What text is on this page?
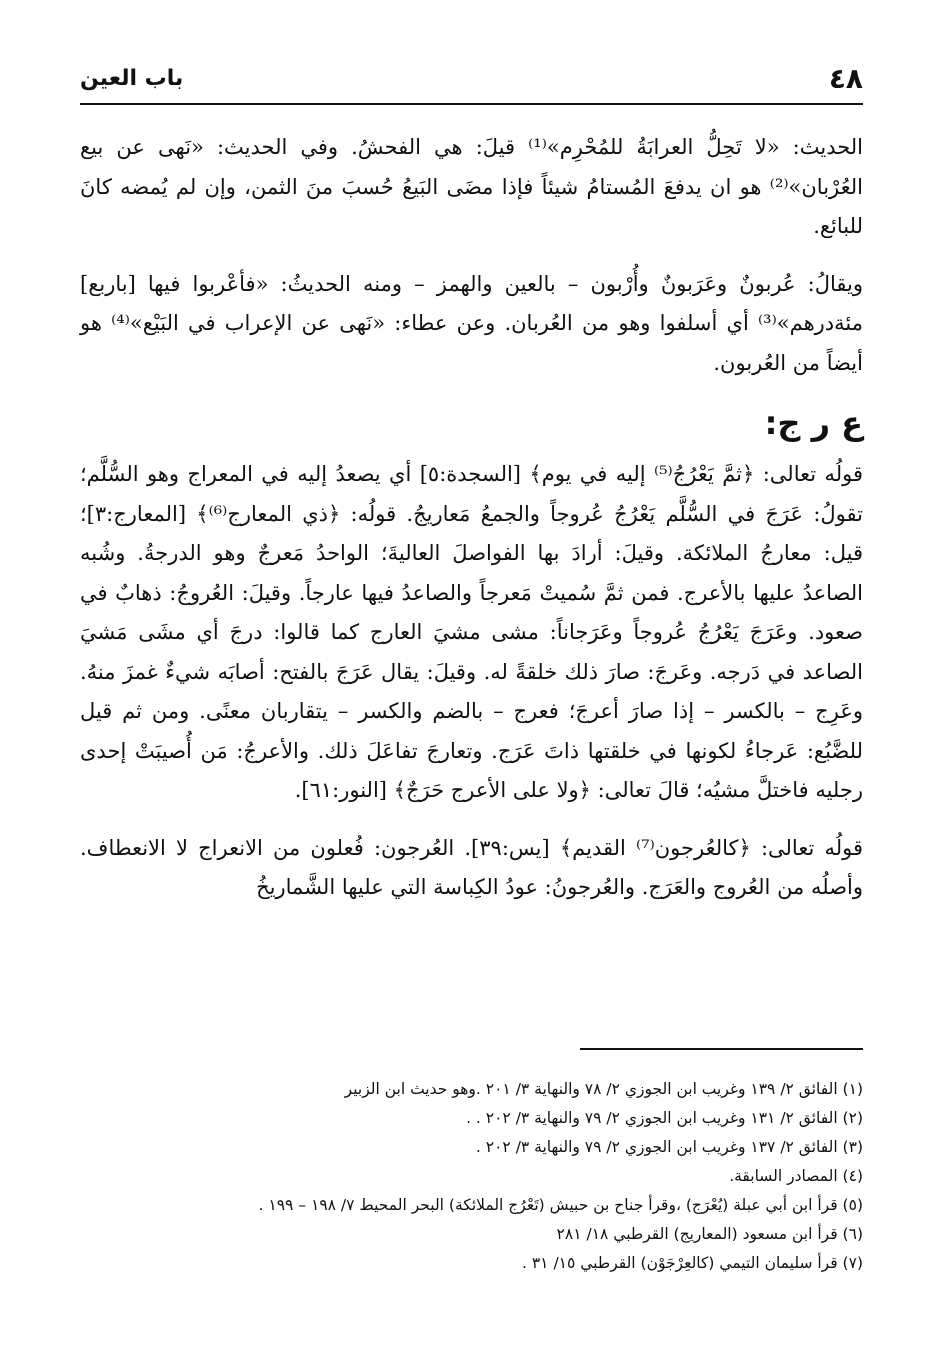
٤٨
باب العين

الحديث: «لا تَحِلُّ العرابَةُ للمُحْرِم»⁽¹⁾ قيلَ: هي الفحشُ. وفي الحديث: «نَهى عن بيع العُرْبان»⁽²⁾ هو ان يدفعَ المُستامُ شيئاً فإذا مضَى البَيعُ حُسبَ منَ الثمن، وإن لم يُمضه كانَ للبائع.

ويقالُ: عُربونٌ وعَرَبونٌ وأُرْبون – بالعين والهمز – ومنه الحديثُ: «فأعْربوا فيها [باربع] مئةدرهم»⁽³⁾ أي أسلفوا وهو من العُربان. وعن عطاء: «نَهى عن الإعراب في البَيْع»⁽⁴⁾ هو أيضاً من العُربون.

ع ر ج:

قولُه تعالى: ﴿ثمَّ يَعْرُجُ⁽⁵⁾ إليه في يوم﴾ [السجدة:٥] أي يصعدُ إليه في المعراج وهو السُّلَّم؛ تقولُ: عَرَجَ في السُّلَّم يَعْرُجُ عُروجاً والجمعُ مَعاريجُ. قولُه: ﴿ذي المعارج⁽⁶⁾﴾ [المعارج:٣]؛ قيل: معارجُ الملائكة. وقيلَ: أرادَ بها الفواصلَ العاليةَ؛ الواحدُ مَعرجٌ وهو الدرجةُ. وشُبه الصاعدُ عليها بالأعرج. فمن ثمَّ سُميتْ مَعرجاً والصاعدُ فيها عارجاً. وقيلَ: العُروجُ: ذهابٌ في صعود. وعَرَجَ يَعْرُجُ عُروجاً وعَرَجاناً: مشى مشيَ العارج كما قالوا: درجَ أي مشَى مَشيَ الصاعد في دَرجه. وعَرجَ: صارَ ذلك خلقةً له. وقيلَ: يقال عَرَجَ بالفتح: أصابَه شيءٌ غمزَ منهُ. وعَرِج – بالكسر – إذا صارَ أعرجَ؛ فعرج – بالضم والكسر – يتقاربان معنًى. ومن ثم قيل للضَّبُع: عَرجاءُ لكونها في خلقتها ذاتَ عَرَج. وتعارجَ تفاعَلَ ذلك. والأعرجُ: مَن أُصيبَتْ إحدى رجليه فاختلَّ مشيُه؛ قالَ تعالى: ﴿ولا على الأعرج حَرَجٌ﴾ [النور:٦١].

قولُه تعالى: ﴿كالعُرجون⁽⁷⁾ القديم﴾ [يس:٣٩]. العُرجون: فُعلون من الانعراج لا الانعطاف. وأصلُه من العُروج والعَرَج. والعُرجونُ: عودُ الكِباسة التي عليها الشَّماريخُ

(١) الفائق ٢/ ١٣٩ وغريب ابن الجوزي ٢/ ٧٨ والنهاية ٣/ ٢٠١ .وهو حديث ابن الزبير
(٢) الفائق ٢/ ١٣١ وغريب ابن الجوزي ٢/ ٧٩ والنهاية ٣/ ٢٠٢ . .
(٣) الفائق ٢/ ١٣٧ وغريب ابن الجوزي ٢/ ٧٩ والنهاية ٣/ ٢٠٢ .
(٤) المصادر السابقة.
(٥) قرأ ابن أبي عبلة (يُعْرَج) ،وقرأ جناح بن حبيش (تَعْرُج الملائكة) البحر المحيط ٧/ ١٩٨ – ١٩٩ .
(٦) قرأ ابن مسعود (المعاريج) القرطبي ١٨/ ٢٨١
(٧) قرأ سليمان التيمي (كالعِرْجَوْن) القرطبي ١٥/ ٣١ .
